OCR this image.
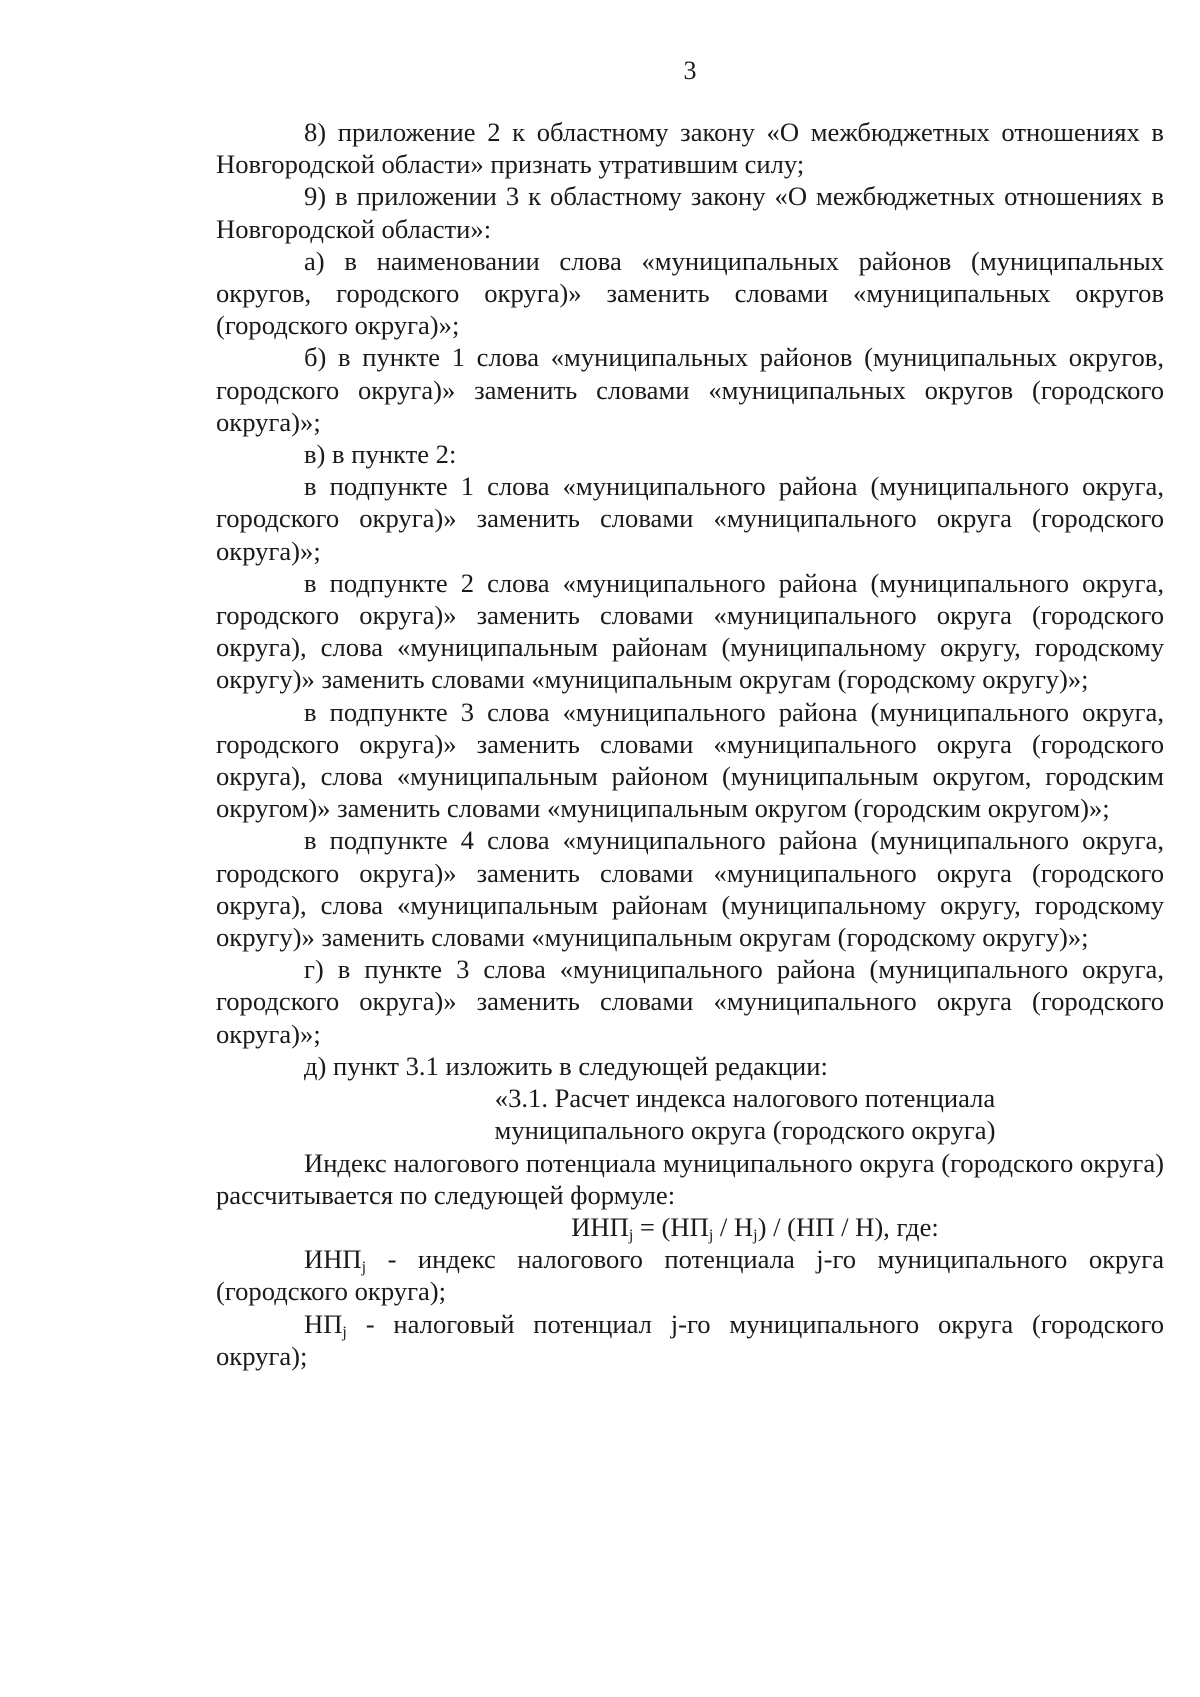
3

8) приложение 2 к областному закону «О межбюджетных отношениях в Новгородской области» признать утратившим силу;

9) в приложении 3 к областному закону «О межбюджетных отношениях в Новгородской области»:

а) в наименовании слова «муниципальных районов (муниципальных округов, городского округа)» заменить словами «муниципальных округов (городского округа)»;

б) в пункте 1 слова «муниципальных районов (муниципальных округов, городского округа)» заменить словами «муниципальных округов (городского округа)»;

в) в пункте 2:

в подпункте 1 слова «муниципального района (муниципального округа, городского округа)» заменить словами «муниципального округа (городского округа)»;

в подпункте 2 слова «муниципального района (муниципального округа, городского округа)» заменить словами «муниципального округа (городского округа), слова «муниципальным районам (муниципальному округу, городскому округу)» заменить словами «муниципальным округам (городскому округу)»;

в подпункте 3 слова «муниципального района (муниципального округа, городского округа)» заменить словами «муниципального округа (городского округа), слова «муниципальным районом (муниципальным округом, городским округом)» заменить словами «муниципальным округом (городским округом)»;

в подпункте 4 слова «муниципального района (муниципального округа, городского округа)» заменить словами «муниципального округа (городского округа), слова «муниципальным районам (муниципальному округу, городскому округу)» заменить словами «муниципальным округам (городскому округу)»;

г) в пункте 3 слова «муниципального района (муниципального округа, городского округа)» заменить словами «муниципального округа (городского округа)»;

д) пункт 3.1 изложить в следующей редакции:

«3.1. Расчет индекса налогового потенциала

муниципального округа (городского округа)

Индекс налогового потенциала муниципального округа (городского округа) рассчитывается по следующей формуле:

$ИНП_j = (НП_j / Н_j) / (НП / Н)$, где:

$ИНП_j$ - индекс налогового потенциала j-го муниципального округа (городского округа);

$НП_j$ - налоговый потенциал j-го муниципального округа (городского округа);
